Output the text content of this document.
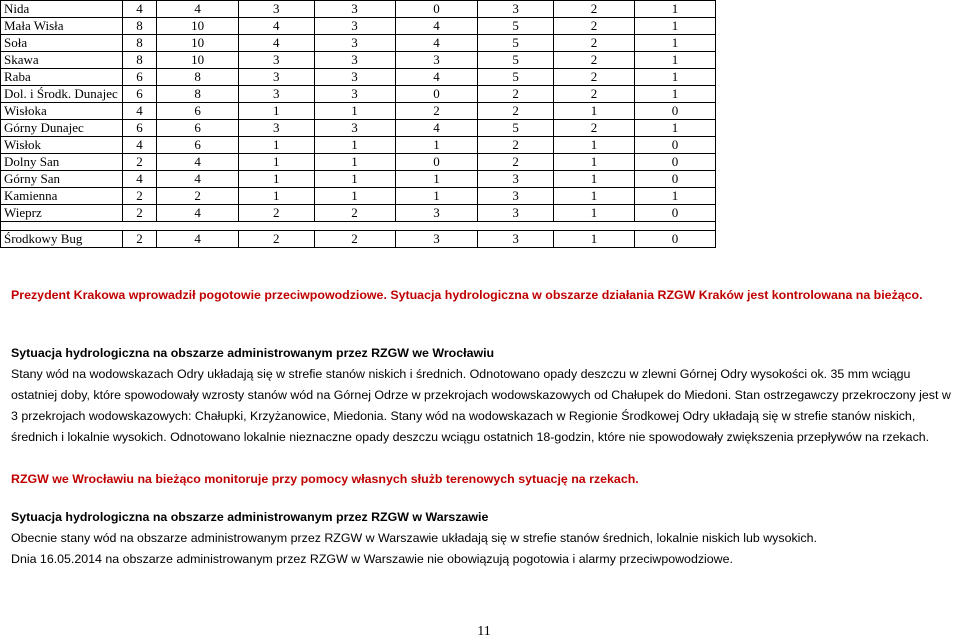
Nida	4	4	3	3	0	3	2	1
Mała Wisła	8	10	4	3	4	5	2	1
Soła	8	10	4	3	4	5	2	1
Skawa	8	10	3	3	3	5	2	1
Raba	6	8	3	3	4	5	2	1
Dol. i Środk. Dunajec	6	8	3	3	0	2	2	1
Wisłoka	4	6	1	1	2	2	1	0
Górny Dunajec	6	6	3	3	4	5	2	1
Wisłok	4	6	1	1	1	2	1	0
Dolny San	2	4	1	1	0	2	1	0
Górny San	4	4	1	1	1	3	1	0
Kamienna	2	2	1	1	1	3	1	1
Wieprz	2	4	2	2	3	3	1	0

Środkowy Bug	2	4	2	2	3	3	1	0
Prezydent Krakowa wprowadził pogotowie przeciwpowodziowe. Sytuacja hydrologiczna w obszarze działania RZGW Kraków jest kontrolowana na bieżąco.
Sytuacja hydrologiczna na obszarze administrowanym przez RZGW we Wrocławiu
Stany wód na wodowskazach Odry układają się w strefie stanów niskich i średnich. Odnotowano opady deszczu w zlewni Górnej Odry wysokości ok. 35 mm wciągu ostatniej doby, które spowodowały wzrosty stanów wód na Górnej Odrze w przekrojach wodowskazowych od Chałupek do Miedoni. Stan ostrzegawczy przekroczony jest w 3 przekrojach wodowskazowych: Chałupki, Krzyżanowice, Miedonia. Stany wód na wodowskazach w Regionie Środkowej Odry układają się w strefie stanów niskich, średnich i lokalnie wysokich. Odnotowano lokalnie nieznaczne opady deszczu wciągu ostatnich 18-godzin, które nie spowodowały zwiększenia przepływów na rzekach.
RZGW we Wrocławiu na bieżąco monitoruje przy pomocy własnych służb terenowych sytuację na rzekach.
Sytuacja hydrologiczna na obszarze administrowanym przez RZGW w Warszawie
Obecnie stany wód na obszarze administrowanym przez RZGW w Warszawie układają się w strefie stanów średnich, lokalnie niskich lub wysokich.
Dnia 16.05.2014 na obszarze administrowanym przez RZGW w Warszawie nie obowiązują pogotowia i alarmy przeciwpowodziowe.
11
